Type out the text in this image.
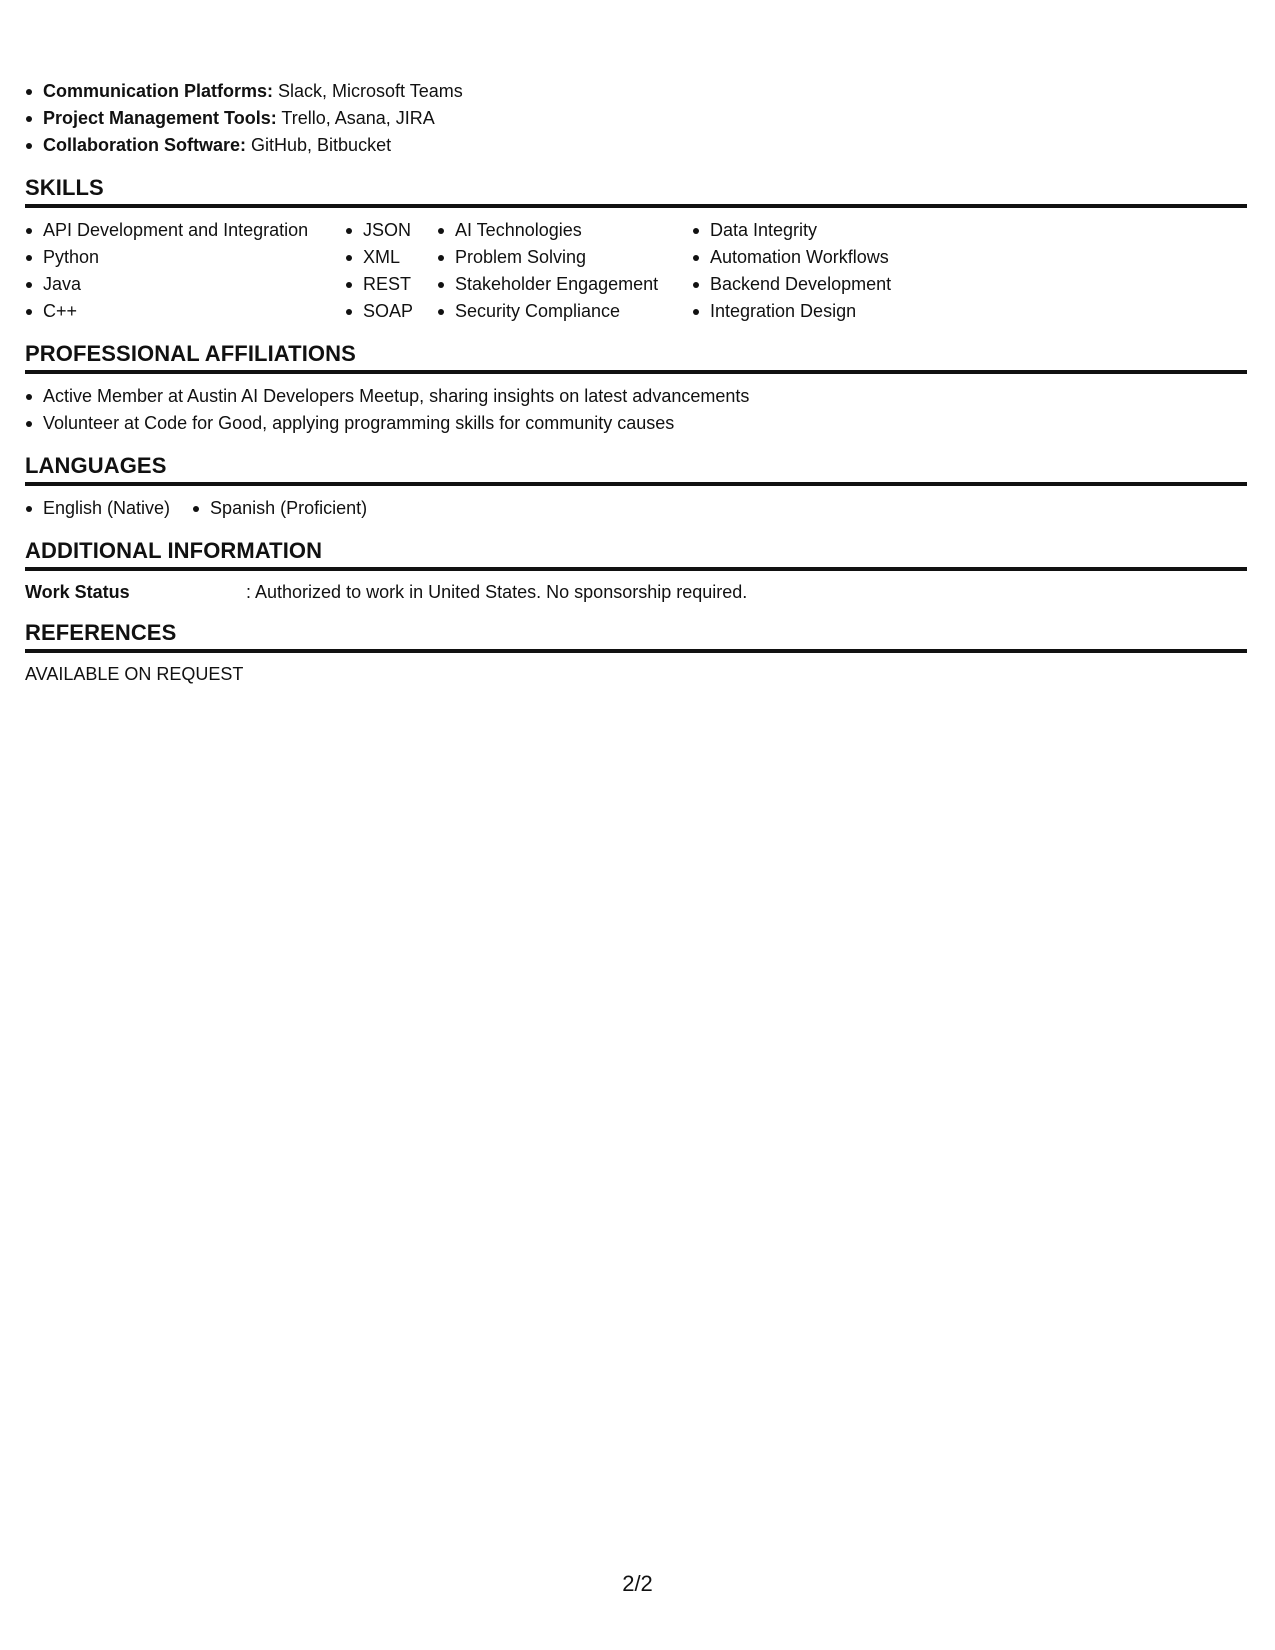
Communication Platforms: Slack, Microsoft Teams
Project Management Tools: Trello, Asana, JIRA
Collaboration Software: GitHub, Bitbucket
SKILLS
API Development and Integration
Python
Java
C++
JSON
XML
REST
SOAP
AI Technologies
Problem Solving
Stakeholder Engagement
Security Compliance
Data Integrity
Automation Workflows
Backend Development
Integration Design
PROFESSIONAL AFFILIATIONS
Active Member at Austin AI Developers Meetup, sharing insights on latest advancements
Volunteer at Code for Good, applying programming skills for community causes
LANGUAGES
English (Native)	Spanish (Proficient)
ADDITIONAL INFORMATION
Work Status	: Authorized to work in United States. No sponsorship required.
REFERENCES
AVAILABLE ON REQUEST
2/2
